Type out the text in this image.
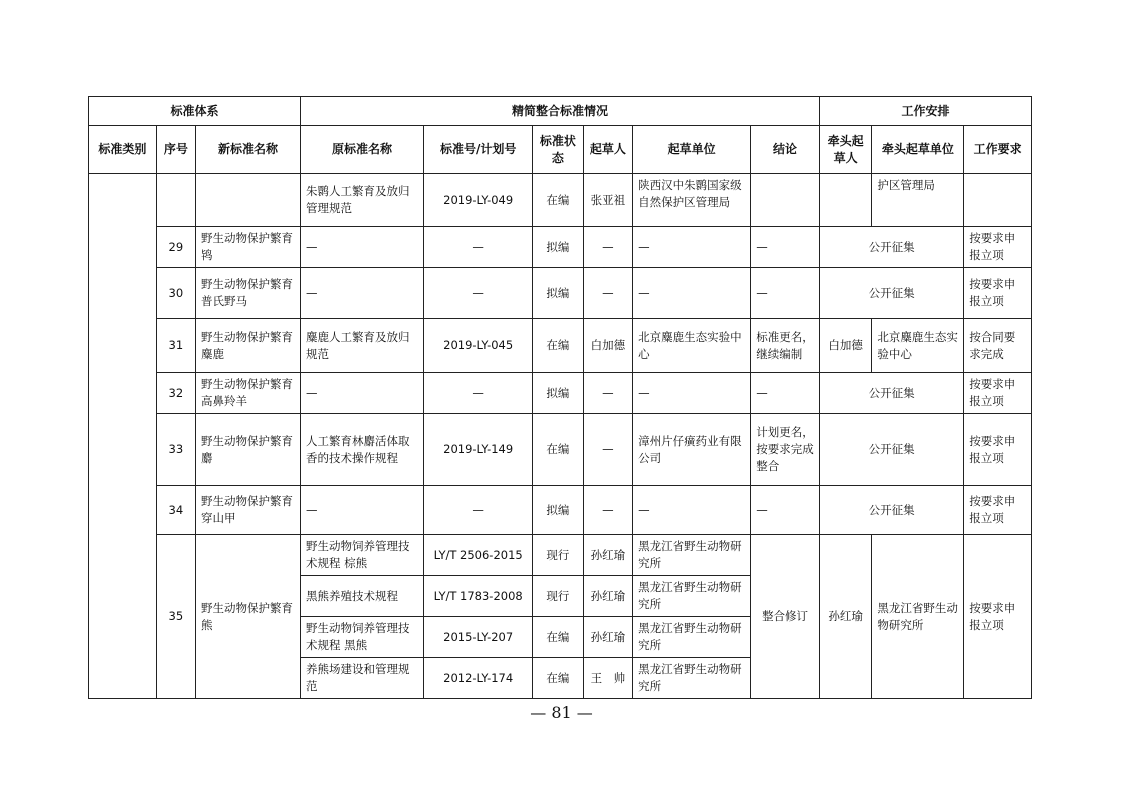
标准体系			精简整合标准情况						工作安排		
标准类别	序号	新标准名称	原标准名称	标准号/计划号	标准状态	起草人	起草单位	结论	牵头起草人	牵头起草单位	工作要求
			朱鹮人工繁育及放归管理规范	2019-LY-049	在编	张亚祖	陕西汉中朱鹮国家级自然保护区管理局			护区管理局	
	29	野生动物保护繁育 鸨	—	—	拟编	—	—	—	公开征集		按要求申报立项
	30	野生动物保护繁育 普氏野马	—	—	拟编	—	—	—	公开征集		按要求申报立项
	31	野生动物保护繁育 麋鹿	麋鹿人工繁育及放归规范	2019-LY-045	在编	白加德	北京麋鹿生态实验中心	标准更名，继续编制	白加德	北京麋鹿生态实验中心	按合同要求完成
	32	野生动物保护繁育 高鼻羚羊	—	—	拟编	—	—	—	公开征集		按要求申报立项
	33	野生动物保护繁育 麝	人工繁育林麝活体取香的技术操作规程	2019-LY-149	在编	—	漳州片仔癀药业有限公司	计划更名，按要求完成整合	公开征集		按要求申报立项
	34	野生动物保护繁育 穿山甲	—	—	拟编	—	—	—	公开征集		按要求申报立项
	35	野生动物保护繁育 熊	野生动物饲养管理技术规程 棕熊	LY/T 2506-2015	现行	孙红瑜	黑龙江省野生动物研究所	整合修订	孙红瑜	黑龙江省野生动物研究所	按要求申报立项
			黑熊养殖技术规程	LY/T 1783-2008	现行	孙红瑜	黑龙江省野生动物研究所				
			野生动物饲养管理技术规程 黑熊	2015-LY-207	在编	孙红瑜	黑龙江省野生动物研究所				
			养熊场建设和管理规范	2012-LY-174	在编	王　帅	黑龙江省野生动物研究所				
— 81 —
